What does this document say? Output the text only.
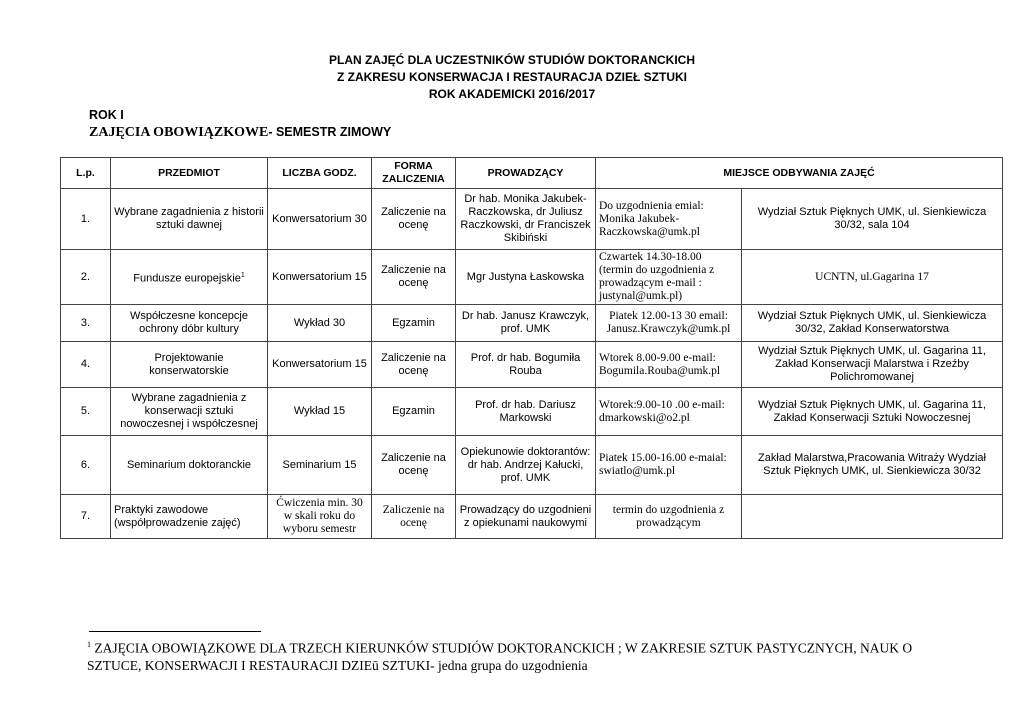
PLAN ZAJĘĆ DLA UCZESTNIKÓW STUDIÓW DOKTORANCKICH
Z ZAKRESU KONSERWACJA I RESTAURACJA DZIEŁ SZTUKI
ROK AKADEMICKI 2016/2017
ROK I
ZAJĘCIA OBOWIĄZKOWE- SEMESTR ZIMOWY
L.p.	PRZEDMIOT	LICZBA GODZ.	FORMA ZALICZENIA	PROWADZĄCY	MIEJSCE ODBYWANIA ZAJĘĆ	
1.	Wybrane zagadnienia z historii sztuki dawnej	Konwersatorium 30	Zaliczenie na ocenę	Dr hab. Monika Jakubek-Raczkowska, dr Juliusz Raczkowski, dr Franciszek Skibiński	Do uzgodnienia emial: Monika Jakubek-Raczkowska@umk.pl	Wydział Sztuk Pięknych UMK, ul. Sienkiewicza 30/32, sala 104
2.	Fundusze europejskie$^1$	Konwersatorium 15	Zaliczenie na ocenę	Mgr Justyna Łaskowska	Czwartek 14.30-18.00 (termin do uzgodnienia z prowadzącym e-mail : justynal@umk.pl)	UCNTN, ul.Gagarina 17
3.	Współczesne koncepcje ochrony dóbr kultury	Wykład 30	Egzamin	Dr hab. Janusz Krawczyk, prof. UMK	Piatek 12.00-13 30 email: Janusz.Krawczyk@umk.pl	Wydział Sztuk Pięknych UMK, ul. Sienkiewicza 30/32, Zakład Konserwatorstwa
4.	Projektowanie konserwatorskie	Konwersatorium 15	Zaliczenie na ocenę	Prof. dr hab. Bogumiła Rouba	Wtorek 8.00-9.00 e-mail: Bogumila.Rouba@umk.pl	Wydział Sztuk Pięknych UMK, ul. Gagarina 11, Zakład Konserwacji Malarstwa i Rzeźby Polichromowanej
5.	Wybrane zagadnienia z konserwacji sztuki nowoczesnej i współczesnej	Wykład 15	Egzamin	Prof. dr hab. Dariusz Markowski	Wtorek:9.00-10 .00 e-mail: dmarkowski@o2.pl	Wydział Sztuk Pięknych UMK, ul. Gagarina 11, Zakład Konserwacji Sztuki Nowoczesnej
6.	Seminarium doktoranckie	Seminarium 15	Zaliczenie na ocenę	Opiekunowie doktorantów: dr hab. Andrzej Kałucki, prof. UMK	Piatek 15.00-16.00 e-maial: swiatlo@umk.pl	Zakład Malarstwa,Pracowania Witraży Wydział Sztuk Pięknych UMK, ul. Sienkiewicza 30/32
7.	Praktyki zawodowe (współprowadzenie zajęć)	Ćwiczenia min. 30 w skali roku do wyboru semestr	Zaliczenie na ocenę	Prowadzący do uzgodnieni z opiekunami naukowymi	termin do uzgodnienia z prowadzącym	
$^1$ ZAJĘCIA OBOWIĄZKOWE DLA TRZECH KIERUNKÓW STUDIÓW DOKTORANCKICH ; W ZAKRESIE SZTUK PASTYCZNYCH, NAUK O SZTUCE, KONSERWACJI I RESTAURACJI DZIEū SZTUKI- jedna grupa do uzgodnienia
